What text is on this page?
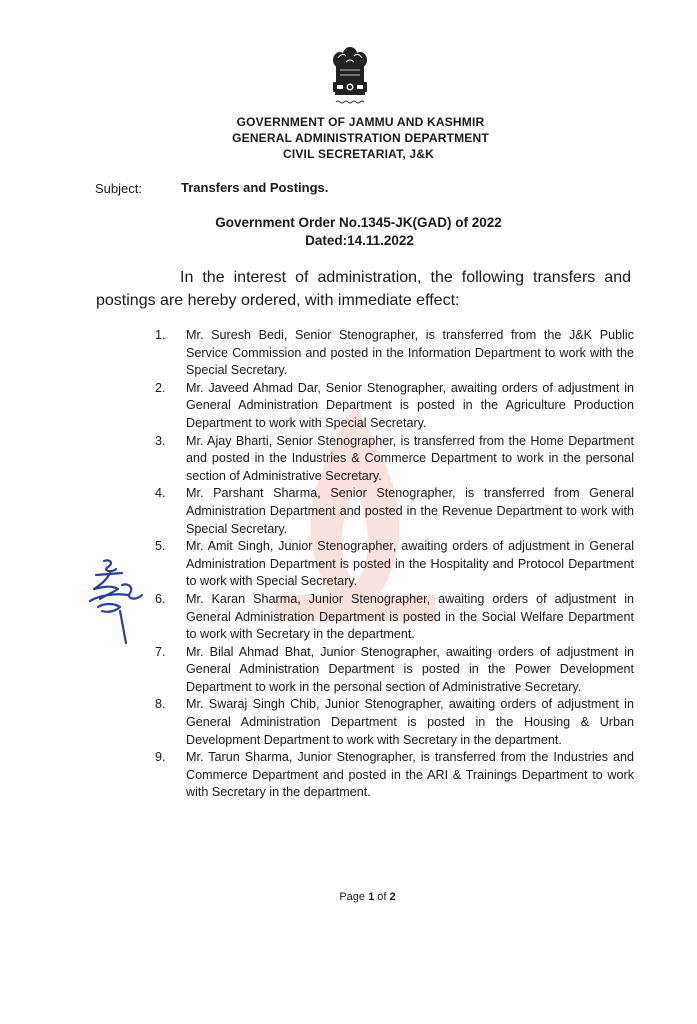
GOVERNMENT OF JAMMU AND KASHMIR
GENERAL ADMINISTRATION DEPARTMENT
CIVIL SECRETARIAT, J&K
Subject:	Transfers and Postings.
Government Order No.1345-JK(GAD) of 2022
Dated:14.11.2022
In the interest of administration, the following transfers and postings are hereby ordered, with immediate effect:
1.	Mr. Suresh Bedi, Senior Stenographer, is transferred from the J&K Public Service Commission and posted in the Information Department to work with the Special Secretary.
2.	Mr. Javeed Ahmad Dar, Senior Stenographer, awaiting orders of adjustment in General Administration Department is posted in the Agriculture Production Department to work with Special Secretary.
3.	Mr. Ajay Bharti, Senior Stenographer, is transferred from the Home Department and posted in the Industries & Commerce Department to work in the personal section of Administrative Secretary.
4.	Mr. Parshant Sharma, Senior Stenographer, is transferred from General Administration Department and posted in the Revenue Department to work with Special Secretary.
5.	Mr. Amit Singh, Junior Stenographer, awaiting orders of adjustment in General Administration Department is posted in the Hospitality and Protocol Department to work with Special Secretary.
6.	Mr. Karan Sharma, Junior Stenographer, awaiting orders of adjustment in General Administration Department is posted in the Social Welfare Department to work with Secretary in the department.
7.	Mr. Bilal Ahmad Bhat, Junior Stenographer, awaiting orders of adjustment in General Administration Department is posted in the Power Development Department to work in the personal section of Administrative Secretary.
8.	Mr. Swaraj Singh Chib, Junior Stenographer, awaiting orders of adjustment in General Administration Department is posted in the Housing & Urban Development Department to work with Secretary in the department.
9.	Mr. Tarun Sharma, Junior Stenographer, is transferred from the Industries and Commerce Department and posted in the ARI & Trainings Department to work with Secretary in the department.
Page 1 of 2
